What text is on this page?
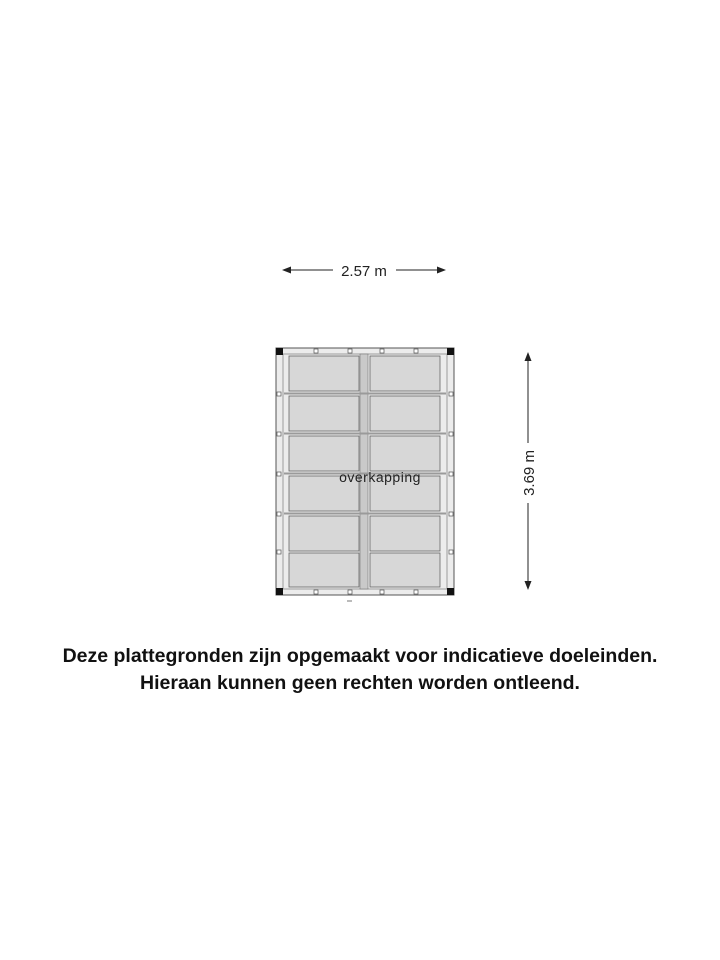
2.57 m
3.69 m
overkapping
Deze plattegronden zijn opgemaakt voor indicatieve doeleinden.
Hieraan kunnen geen rechten worden ontleend.
